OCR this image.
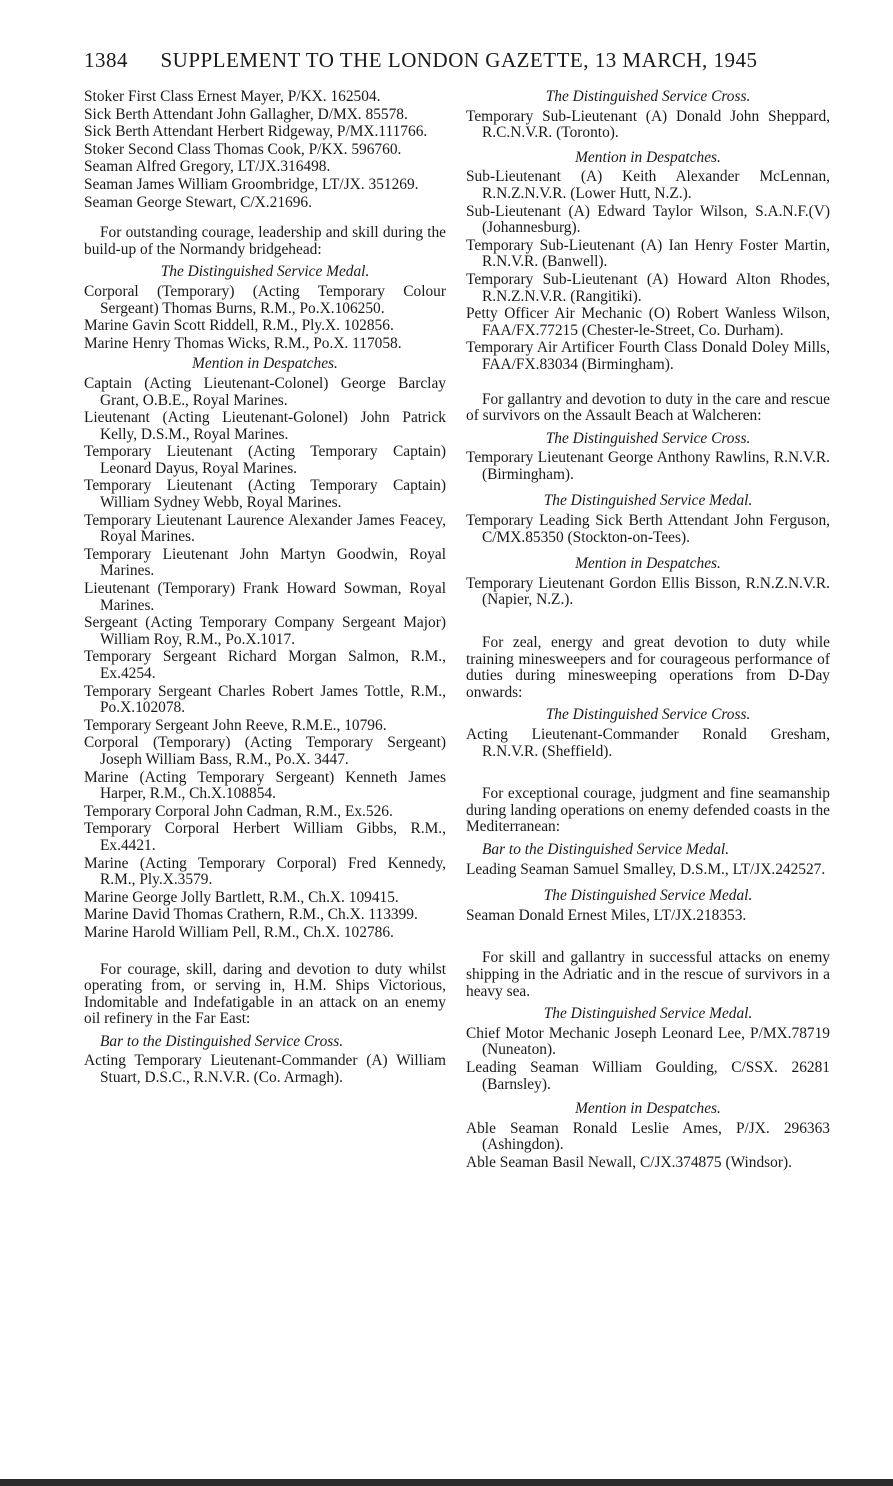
1384	SUPPLEMENT TO THE LONDON GAZETTE, 13 MARCH, 1945
Stoker First Class Ernest Mayer, P/KX. 162504.
Sick Berth Attendant John Gallagher, D/MX. 85578.
Sick Berth Attendant Herbert Ridgeway, P/MX.111766.
Stoker Second Class Thomas Cook, P/KX. 596760.
Seaman Alfred Gregory, LT/JX.316498.
Seaman James William Groombridge, LT/JX. 351269.
Seaman George Stewart, C/X.21696.
For outstanding courage, leadership and skill during the build-up of the Normandy bridgehead:
The Distinguished Service Medal.
Corporal (Temporary) (Acting Temporary Colour Sergeant) Thomas Burns, R.M., Po.X.106250.
Marine Gavin Scott Riddell, R.M., Ply.X. 102856.
Marine Henry Thomas Wicks, R.M., Po.X. 117058.
Mention in Despatches.
Captain (Acting Lieutenant-Colonel) George Barclay Grant, O.B.E., Royal Marines.
Lieutenant (Acting Lieutenant-Golonel) John Patrick Kelly, D.S.M., Royal Marines.
Temporary Lieutenant (Acting Temporary Captain) Leonard Dayus, Royal Marines.
Temporary Lieutenant (Acting Temporary Captain) William Sydney Webb, Royal Marines.
Temporary Lieutenant Laurence Alexander James Feacey, Royal Marines.
Temporary Lieutenant John Martyn Goodwin, Royal Marines.
Lieutenant (Temporary) Frank Howard Sowman, Royal Marines.
Sergeant (Acting Temporary Company Sergeant Major) William Roy, R.M., Po.X.1017.
Temporary Sergeant Richard Morgan Salmon, R.M., Ex.4254.
Temporary Sergeant Charles Robert James Tottle, R.M., Po.X.102078.
Temporary Sergeant John Reeve, R.M.E., 10796.
Corporal (Temporary) (Acting Temporary Sergeant) Joseph William Bass, R.M., Po.X. 3447.
Marine (Acting Temporary Sergeant) Kenneth James Harper, R.M., Ch.X.108854.
Temporary Corporal John Cadman, R.M., Ex.526.
Temporary Corporal Herbert William Gibbs, R.M., Ex.4421.
Marine (Acting Temporary Corporal) Fred Kennedy, R.M., Ply.X.3579.
Marine George Jolly Bartlett, R.M., Ch.X. 109415.
Marine David Thomas Crathern, R.M., Ch.X. 113399.
Marine Harold William Pell, R.M., Ch.X. 102786.
For courage, skill, daring and devotion to duty whilst operating from, or serving in, H.M. Ships Victorious, Indomitable and Indefatigable in an attack on an enemy oil refinery in the Far East:
Bar to the Distinguished Service Cross.
Acting Temporary Lieutenant-Commander (A) William Stuart, D.S.C., R.N.V.R. (Co. Armagh).
The Distinguished Service Cross.
Temporary Sub-Lieutenant (A) Donald John Sheppard, R.C.N.V.R. (Toronto).
Mention in Despatches.
Sub-Lieutenant (A) Keith Alexander McLennan, R.N.Z.N.V.R. (Lower Hutt, N.Z.).
Sub-Lieutenant (A) Edward Taylor Wilson, S.A.N.F.(V) (Johannesburg).
Temporary Sub-Lieutenant (A) Ian Henry Foster Martin, R.N.V.R. (Banwell).
Temporary Sub-Lieutenant (A) Howard Alton Rhodes, R.N.Z.N.V.R. (Rangitiki).
Petty Officer Air Mechanic (O) Robert Wanless Wilson, FAA/FX.77215 (Chester-le-Street, Co. Durham).
Temporary Air Artificer Fourth Class Donald Doley Mills, FAA/FX.83034 (Birmingham).
For gallantry and devotion to duty in the care and rescue of survivors on the Assault Beach at Walcheren:
The Distinguished Service Cross.
Temporary Lieutenant George Anthony Rawlins, R.N.V.R. (Birmingham).
The Distinguished Service Medal.
Temporary Leading Sick Berth Attendant John Ferguson, C/MX.85350 (Stockton-on-Tees).
Mention in Despatches.
Temporary Lieutenant Gordon Ellis Bisson, R.N.Z.N.V.R. (Napier, N.Z.).
For zeal, energy and great devotion to duty while training minesweepers and for courageous performance of duties during minesweeping operations from D-Day onwards:
The Distinguished Service Cross.
Acting Lieutenant-Commander Ronald Gresham, R.N.V.R. (Sheffield).
For exceptional courage, judgment and fine seamanship during landing operations on enemy defended coasts in the Mediterranean:
Bar to the Distinguished Service Medal.
Leading Seaman Samuel Smalley, D.S.M., LT/JX.242527.
The Distinguished Service Medal.
Seaman Donald Ernest Miles, LT/JX.218353.
For skill and gallantry in successful attacks on enemy shipping in the Adriatic and in the rescue of survivors in a heavy sea.
The Distinguished Service Medal.
Chief Motor Mechanic Joseph Leonard Lee, P/MX.78719 (Nuneaton).
Leading Seaman William Goulding, C/SSX. 26281 (Barnsley).
Mention in Despatches.
Able Seaman Ronald Leslie Ames, P/JX. 296363 (Ashingdon).
Able Seaman Basil Newall, C/JX.374875 (Windsor).
